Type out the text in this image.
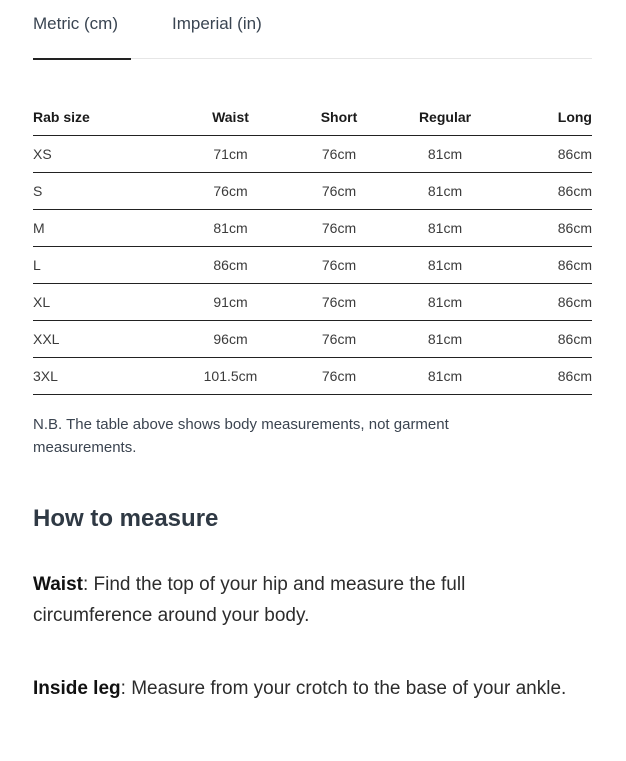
Metric (cm)	Imperial (in)
Rab size	Waist	Short	Regular	Long
XS	71cm	76cm	81cm	86cm
S	76cm	76cm	81cm	86cm
M	81cm	76cm	81cm	86cm
L	86cm	76cm	81cm	86cm
XL	91cm	76cm	81cm	86cm
XXL	96cm	76cm	81cm	86cm
3XL	101.5cm	76cm	81cm	86cm
N.B. The table above shows body measurements, not garment measurements.
How to measure
Waist: Find the top of your hip and measure the full circumference around your body.
Inside leg: Measure from your crotch to the base of your ankle.
